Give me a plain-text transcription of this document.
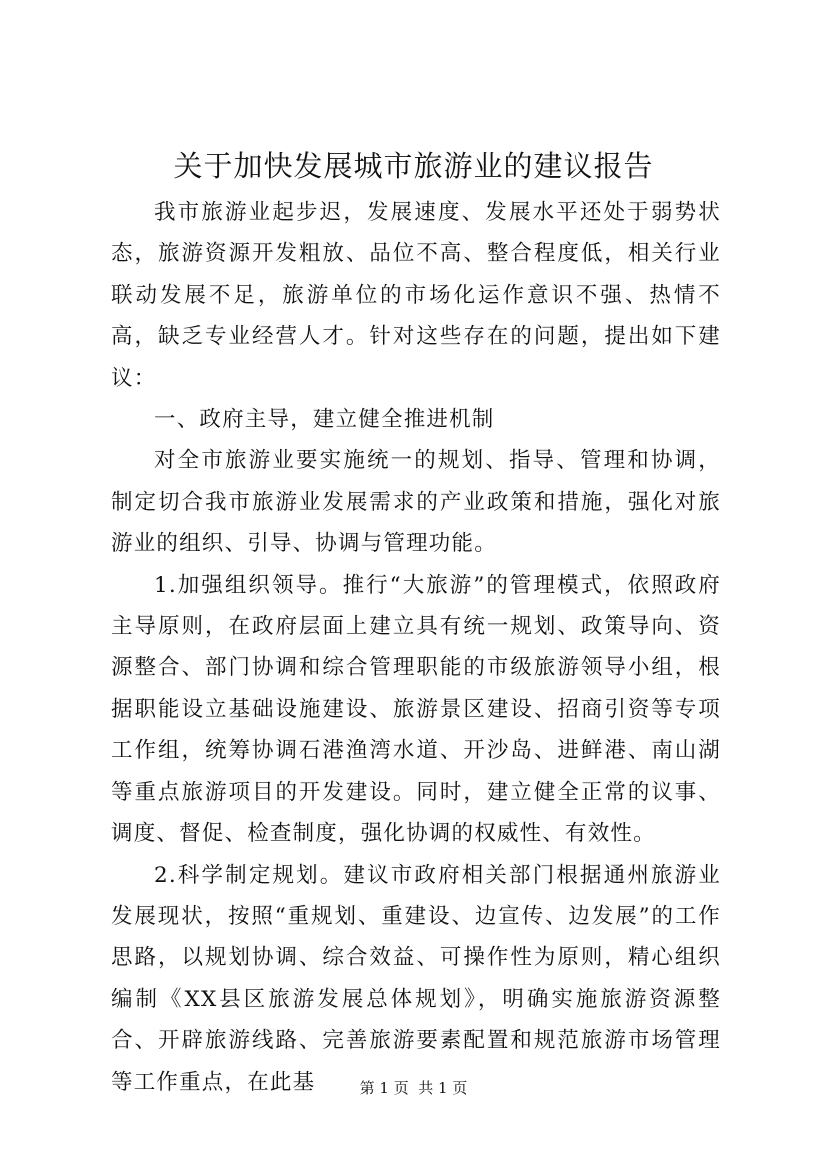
关于加快发展城市旅游业的建议报告

我市旅游业起步迟，发展速度、发展水平还处于弱势状态，旅游资源开发粗放、品位不高、整合程度低，相关行业联动发展不足，旅游单位的市场化运作意识不强、热情不高，缺乏专业经营人才。针对这些存在的问题，提出如下建议：

一、政府主导，建立健全推进机制

对全市旅游业要实施统一的规划、指导、管理和协调，制定切合我市旅游业发展需求的产业政策和措施，强化对旅游业的组织、引导、协调与管理功能。

1.加强组织领导。推行“大旅游”的管理模式，依照政府主导原则，在政府层面上建立具有统一规划、政策导向、资源整合、部门协调和综合管理职能的市级旅游领导小组，根据职能设立基础设施建设、旅游景区建设、招商引资等专项工作组，统筹协调石港渔湾水道、开沙岛、进鲜港、南山湖等重点旅游项目的开发建设。同时，建立健全正常的议事、调度、督促、检查制度，强化协调的权威性、有效性。

2.科学制定规划。建议市政府相关部门根据通州旅游业发展现状，按照“重规划、重建设、边宣传、边发展”的工作思路，以规划协调、综合效益、可操作性为原则，精心组织编制《XX县区旅游发展总体规划》，明确实施旅游资源整合、开辟旅游线路、完善旅游要素配置和规范旅游市场管理等工作重点，在此基	第 1 页  共 1 页
